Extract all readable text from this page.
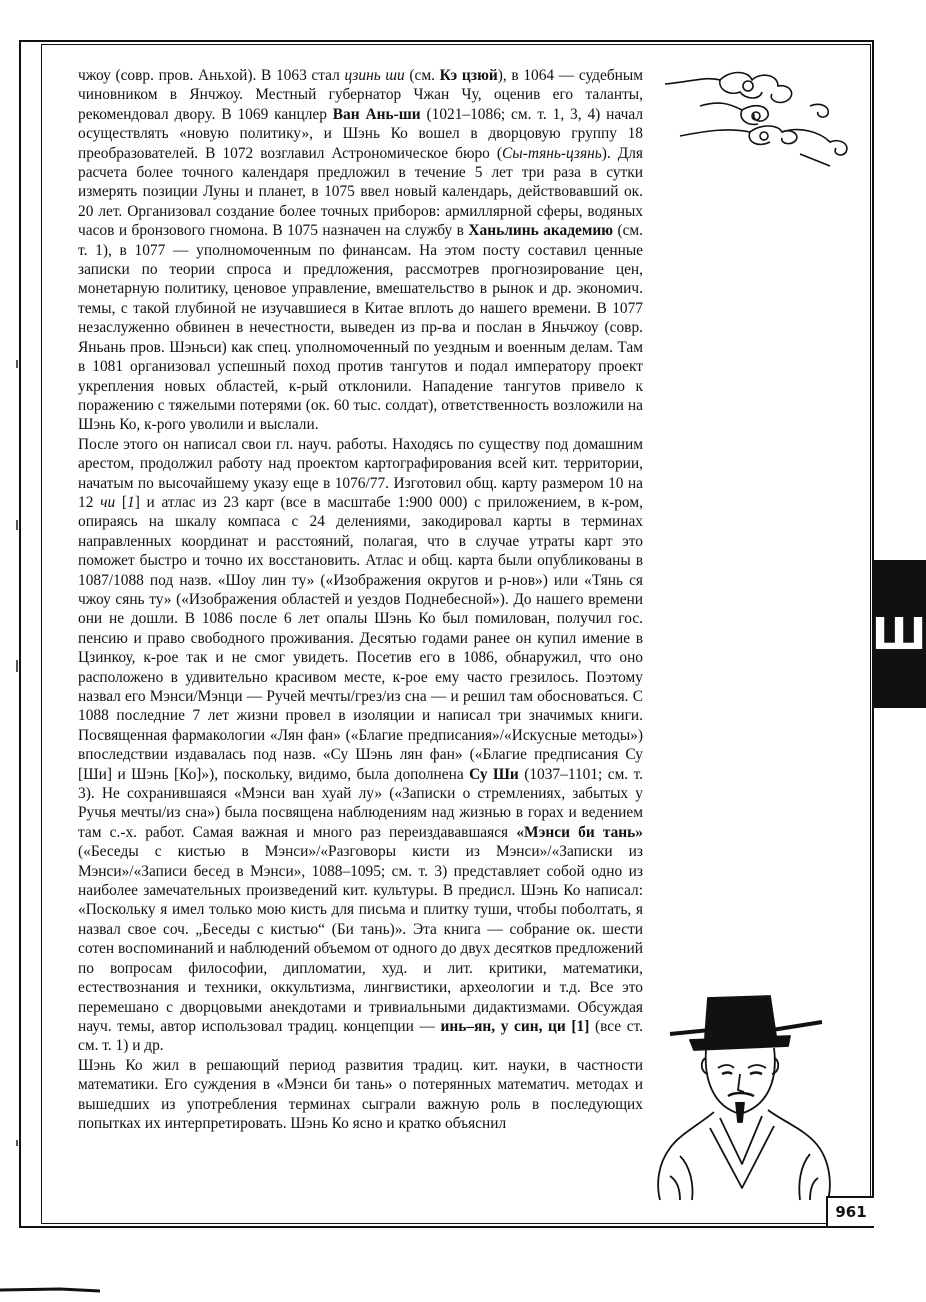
чжоу (совр. пров. Аньхой). В 1063 стал цзинь ши (см. Кэ цзюй), в 1064 — судебным чиновником в Янчжоу. Местный губернатор Чжан Чу, оценив его таланты, рекомендовал дворy. В 1069 канцлер Ван Ань-ши (1021–1086; см. т. 1, 3, 4) начал осуществлять «новую политику», и Шэнь Ко вошел в дворцовую группу 18 преобразователей. В 1072 возглавил Астрономическое бюро (Сы-тянь-цзянь). Для расчета более точного календаря предложил в течение 5 лет три раза в сутки измерять позиции Луны и планет, в 1075 ввел новый календарь, действовавший ок. 20 лет. Организовал создание более точных приборов: армиллярной сферы, водяных часов и бронзового гномона. В 1075 назначен на службу в Ханьлинь академию (см. т. 1), в 1077 — уполномоченным по финансам. На этом посту составил ценные записки по теории спроса и предложения, рассмотрев прогнозирование цен, монетарную политику, ценовое управление, вмешательство в рынок и др. экономич. темы, с такой глубиной не изучавшиеся в Китае вплоть до нашего времени. В 1077 незаслуженно обвинен в нечестности, выведен из пр-ва и послан в Яньчжоу (совр. Яньань пров. Шэньси) как спец. уполномоченный по уездным и военным делам. Там в 1081 организовал успешный поход против тангутов и подал императору проект укрепления новых областей, к-рый отклонили. Нападение тангутов привело к поражению с тяжелыми потерями (ок. 60 тыс. солдат), ответственность возложили на Шэнь Ко, к-рого уволили и выслали.

После этого он написал свои гл. науч. работы. Находясь по существу под домашним арестом, продолжил работу над проектом картографирования всей кит. территории, начатым по высочайшему указу еще в 1076/77. Изготовил общ. карту размером 10 на 12 чи [1] и атлас из 23 карт (все в масштабе 1:900 000) с приложением, в к-ром, опираясь на шкалу компаса с 24 делениями, закодировал карты в терминах направленных координат и расстояний, полагая, что в случае утраты карт это поможет быстро и точно их восстановить. Атлас и общ. карта были опубликованы в 1087/1088 под назв. «Шоу лин ту» («Изображения округов и р-нов») или «Тянь ся чжоу сянь ту» («Изображения областей и уездов Поднебесной»). До нашего времени они не дошли. В 1086 после 6 лет опалы Шэнь Ко был помилован, получил гос. пенсию и право свободного проживания. Десятью годами ранее он купил имение в Цзинкоу, к-рое так и не смог увидеть. Посетив его в 1086, обнаружил, что оно расположено в удивительно красивом месте, к-рое ему часто грезилось. Поэтому назвал его Мэнси/Мэнци — Ручей мечты/грез/из сна — и решил там обосноваться. С 1088 последние 7 лет жизни провел в изоляции и написал три значимых книги. Посвященная фармакологии «Лян фан» («Благие предписания»/«Искусные методы») впоследствии издавалась под назв. «Су Шэнь лян фан» («Благие предписания Су [Ши] и Шэнь [Ко]»), поскольку, видимо, была дополнена Су Ши (1037–1101; см. т. 3). Не сохранившаяся «Мэнси ван хуай лу» («Записки о стремлениях, забытых у Ручья мечты/из сна») была посвящена наблюдениям над жизнью в горах и ведением там с.-х. работ. Самая важная и много раз переиздававшаяся «Мэнси би тань» («Беседы с кистью в Мэнси»/«Разговоры кисти из Мэнси»/«Записки из Мэнси»/«Записи бесед в Мэнси», 1088–1095; см. т. 3) представляет собой одно из наиболее замечательных произведений кит. культуры. В предисл. Шэнь Ко написал: «Поскольку я имел только мою кисть для письма и плитку туши, чтобы поболтать, я назвал свое соч. „Беседы с кистью“ (Би тань)». Эта книга — собрание ок. шести сотен воспоминаний и наблюдений объемом от одного до двух десятков предложений по вопросам философии, дипломатии, худ. и лит. критики, математики, естествознания и техники, оккультизма, лингвистики, археологии и т.д. Все это перемешано с дворцовыми анекдотами и тривиальными дидактизмами. Обсуждая науч. темы, автор использовал традиц. концепции — инь–ян, у син, ци [1] (все ст. см. т. 1) и др.

Шэнь Ко жил в решающий период развития традиц. кит. науки, в частности математики. Его суждения в «Мэнси би тань» о потерянных математич. методах и вышедших из употребления терминах сыграли важную роль в последующих попытках их интерпретировать. Шэнь Ко ясно и кратко объяснил

Ш
961
